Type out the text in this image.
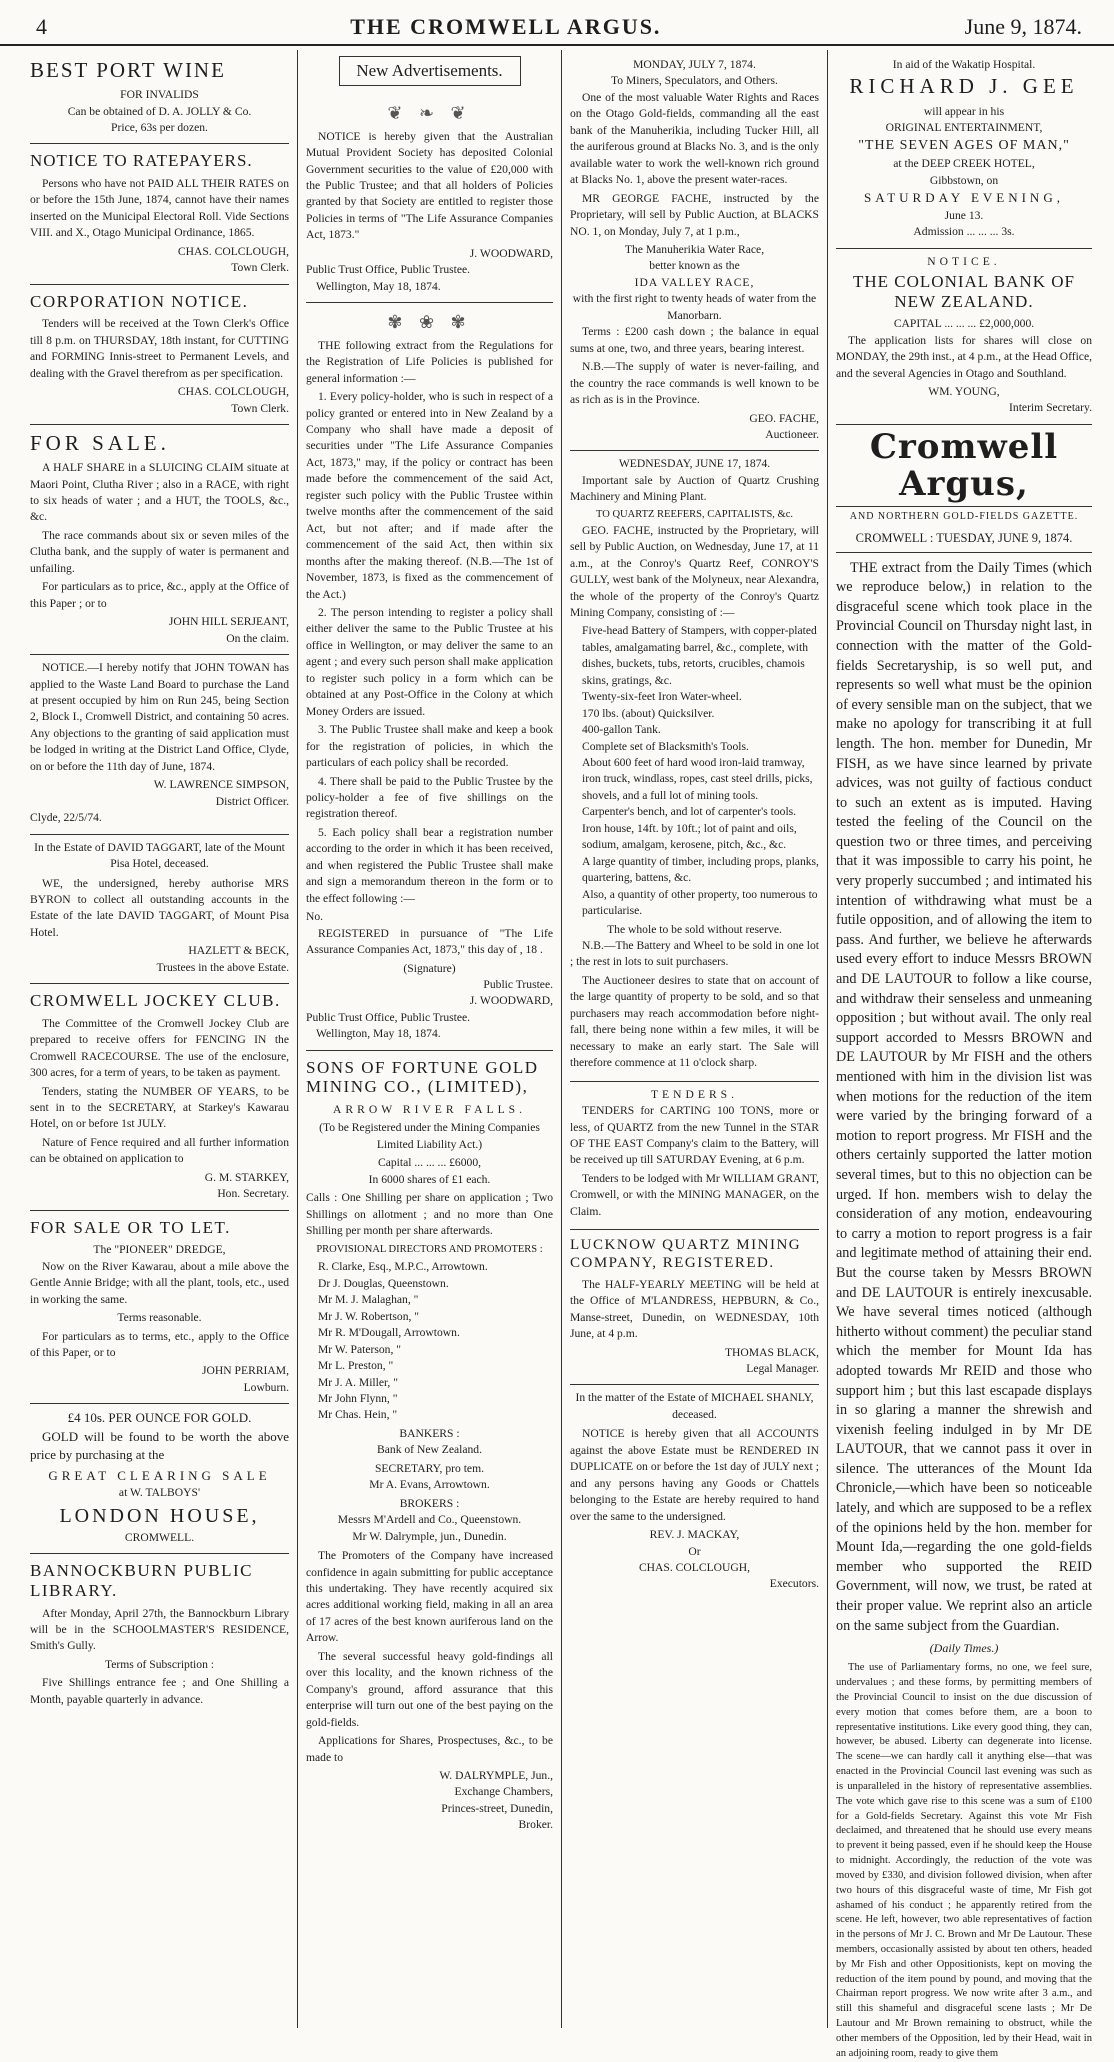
4	THE CROMWELL ARGUS.	June 9, 1874.
BEST PORT WINE
FOR INVALIDS
Can be obtained of D. A. JOLLY & Co.
Price, 63s per dozen.
NOTICE TO RATEPAYERS.

Persons who have not PAID ALL THEIR RATES on or before the 15th June, 1874, cannot have their names inserted on the Municipal Electoral Roll. Vide Sections VIII. and X., Otago Municipal Ordinance, 1865.

CHAS. COLCLOUGH,

Town Clerk.

CORPORATION NOTICE.

Tenders will be received at the Town Clerk's Office till 8 p.m. on THURSDAY, 18th instant, for CUTTING and FORMING Innis-street to Permanent Levels, and dealing with the Gravel therefrom as per specification.

CHAS. COLCLOUGH,

Town Clerk.

FOR SALE.

A HALF SHARE in a SLUICING CLAIM situate at Maori Point, Clutha River ; also in a RACE, with right to six heads of water ; and a HUT, the TOOLS, &c., &c.

The race commands about six or seven miles of the Clutha bank, and the supply of water is permanent and unfailing.

For particulars as to price, &c., apply at the Office of this Paper ; or to

JOHN HILL SERJEANT,

On the claim.

NOTICE.—I hereby notify that JOHN TOWAN has applied to the Waste Land Board to purchase the Land at present occupied by him on Run 245, being Section 2, Block I., Cromwell District, and containing 50 acres. Any objections to the granting of said application must be lodged in writing at the District Land Office, Clyde, on or before the 11th day of June, 1874.

W. LAWRENCE SIMPSON,

District Officer.

Clyde, 22/5/74.

In the Estate of DAVID TAGGART, late of the Mount Pisa Hotel, deceased.

WE, the undersigned, hereby authorise MRS BYRON to collect all outstanding accounts in the Estate of the late DAVID TAGGART, of Mount Pisa Hotel.

HAZLETT & BECK,

Trustees in the above Estate.

CROMWELL JOCKEY CLUB.

The Committee of the Cromwell Jockey Club are prepared to receive offers for FENCING IN the Cromwell RACECOURSE. The use of the enclosure, 300 acres, for a term of years, to be taken as payment.

Tenders, stating the NUMBER OF YEARS, to be sent in to the SECRETARY, at Starkey's Kawarau Hotel, on or before 1st JULY.

Nature of Fence required and all further information can be obtained on application to

G. M. STARKEY,

Hon. Secretary.

FOR SALE OR TO LET.
The "PIONEER" DREDGE,

Now on the River Kawarau, about a mile above the Gentle Annie Bridge; with all the plant, tools, etc., used in working the same.

Terms reasonable.

For particulars as to terms, etc., apply to the Office of this Paper, or to

JOHN PERRIAM,

Lowburn.

£4 10s. PER OUNCE FOR GOLD.

GOLD will be found to be worth the above price by purchasing at the

GREAT CLEARING SALE
at W. TALBOYS'
LONDON HOUSE,
CROMWELL.
BANNOCKBURN PUBLIC LIBRARY.

After Monday, April 27th, the Bannockburn Library will be in the SCHOOLMASTER'S RESIDENCE, Smith's Gully.

Terms of Subscription :

Five Shillings entrance fee ; and One Shilling a Month, payable quarterly in advance.

New Advertisements.
❦ ❧ ❦

NOTICE is hereby given that the Australian Mutual Provident Society has deposited Colonial Government securities to the value of £20,000 with the Public Trustee; and that all holders of Policies granted by that Society are entitled to register those Policies in terms of "The Life Assurance Companies Act, 1873."

J. WOODWARD,

Public Trust Office, Public Trustee.

Wellington, May 18, 1874.

✾ ❀ ✾

THE following extract from the Regulations for the Registration of Life Policies is published for general information :—

1. Every policy-holder, who is such in respect of a policy granted or entered into in New Zealand by a Company who shall have made a deposit of securities under "The Life Assurance Companies Act, 1873," may, if the policy or contract has been made before the commencement of the said Act, register such policy with the Public Trustee within twelve months after the commencement of the said Act, but not after; and if made after the commencement of the said Act, then within six months after the making thereof. (N.B.—The 1st of November, 1873, is fixed as the commencement of the Act.)

2. The person intending to register a policy shall either deliver the same to the Public Trustee at his office in Wellington, or may deliver the same to an agent ; and every such person shall make application to register such policy in a form which can be obtained at any Post-Office in the Colony at which Money Orders are issued.

3. The Public Trustee shall make and keep a book for the registration of policies, in which the particulars of each policy shall be recorded.

4. There shall be paid to the Public Trustee by the policy-holder a fee of five shillings on the registration thereof.

5. Each policy shall bear a registration number according to the order in which it has been received, and when registered the Public Trustee shall make and sign a memorandum thereon in the form or to the effect following :—

No.

REGISTERED in pursuance of "The Life Assurance Companies Act, 1873," this day of , 18 .

(Signature)

Public Trustee.

J. WOODWARD,

Public Trust Office, Public Trustee.

Wellington, May 18, 1874.

SONS OF FORTUNE GOLD MINING CO., (LIMITED),
ARROW RIVER FALLS.

(To be Registered under the Mining Companies Limited Liability Act.)

Capital ... ... ... £6000,

In 6000 shares of £1 each.

Calls : One Shilling per share on application ; Two Shillings on allotment ; and no more than One Shilling per month per share afterwards.

PROVISIONAL DIRECTORS AND PROMOTERS :

R. Clarke, Esq., M.P.C., Arrowtown.
Dr J. Douglas, Queenstown.
Mr M. J. Malaghan, "
Mr J. W. Robertson, "
Mr R. M'Dougall, Arrowtown.
Mr W. Paterson, "
Mr L. Preston, "
Mr J. A. Miller, "
Mr John Flynn, "
Mr Chas. Hein, "

BANKERS :

Bank of New Zealand.

SECRETARY, pro tem.

Mr A. Evans, Arrowtown.

BROKERS :

Messrs M'Ardell and Co., Queenstown.

Mr W. Dalrymple, jun., Dunedin.

The Promoters of the Company have increased confidence in again submitting for public acceptance this undertaking. They have recently acquired six acres additional working field, making in all an area of 17 acres of the best known auriferous land on the Arrow.

The several successful heavy gold-findings all over this locality, and the known richness of the Company's ground, afford assurance that this enterprise will turn out one of the best paying on the gold-fields.

Applications for Shares, Prospectuses, &c., to be made to

W. DALRYMPLE, Jun.,

Exchange Chambers,

Princes-street, Dunedin,

Broker.

MONDAY, JULY 7, 1874.
To Miners, Speculators, and Others.

One of the most valuable Water Rights and Races on the Otago Gold-fields, commanding all the east bank of the Manuherikia, including Tucker Hill, all the auriferous ground at Blacks No. 3, and is the only available water to work the well-known rich ground at Blacks No. 1, above the present water-races.

MR GEORGE FACHE, instructed by the Proprietary, will sell by Public Auction, at BLACKS NO. 1, on Monday, July 7, at 1 p.m.,

The Manuherikia Water Race,
better known as the
IDA VALLEY RACE,
with the first right to twenty heads of water from the Manorbarn.

Terms : £200 cash down ; the balance in equal sums at one, two, and three years, bearing interest.

N.B.—The supply of water is never-failing, and the country the race commands is well known to be as rich as is in the Province.

GEO. FACHE,

Auctioneer.

WEDNESDAY, JUNE 17, 1874.

Important sale by Auction of Quartz Crushing Machinery and Mining Plant.

TO QUARTZ REEFERS, CAPITALISTS, &c.

GEO. FACHE, instructed by the Proprietary, will sell by Public Auction, on Wednesday, June 17, at 11 a.m., at the Conroy's Quartz Reef, CONROY'S GULLY, west bank of the Molyneux, near Alexandra, the whole of the property of the Conroy's Quartz Mining Company, consisting of :—

Five-head Battery of Stampers, with copper-plated tables, amalgamating barrel, &c., complete, with dishes, buckets, tubs, retorts, crucibles, chamois skins, gratings, &c.
Twenty-six-feet Iron Water-wheel.
170 lbs. (about) Quicksilver.
400-gallon Tank.
Complete set of Blacksmith's Tools.
About 600 feet of hard wood iron-laid tramway, iron truck, windlass, ropes, cast steel drills, picks, shovels, and a full lot of mining tools.
Carpenter's bench, and lot of carpenter's tools.
Iron house, 14ft. by 10ft.; lot of paint and oils, sodium, amalgam, kerosene, pitch, &c., &c.
A large quantity of timber, including props, planks, quartering, battens, &c.
Also, a quantity of other property, too numerous to particularise.
The whole to be sold without reserve.

N.B.—The Battery and Wheel to be sold in one lot ; the rest in lots to suit purchasers.

The Auctioneer desires to state that on account of the large quantity of property to be sold, and so that purchasers may reach accommodation before night-fall, there being none within a few miles, it will be necessary to make an early start. The Sale will therefore commence at 11 o'clock sharp.

TENDERS.

TENDERS for CARTING 100 TONS, more or less, of QUARTZ from the new Tunnel in the STAR OF THE EAST Company's claim to the Battery, will be received up till SATURDAY Evening, at 6 p.m.

Tenders to be lodged with Mr WILLIAM GRANT, Cromwell, or with the MINING MANAGER, on the Claim.

LUCKNOW QUARTZ MINING COMPANY, REGISTERED.

The HALF-YEARLY MEETING will be held at the Office of M'LANDRESS, HEPBURN, & Co., Manse-street, Dunedin, on WEDNESDAY, 10th June, at 4 p.m.

THOMAS BLACK,

Legal Manager.

In the matter of the Estate of MICHAEL SHANLY, deceased.

NOTICE is hereby given that all ACCOUNTS against the above Estate must be RENDERED IN DUPLICATE on or before the 1st day of JULY next ; and any persons having any Goods or Chattels belonging to the Estate are hereby required to hand over the same to the undersigned.

REV. J. MACKAY,

Or

CHAS. COLCLOUGH,

Executors.

In aid of the Wakatip Hospital.
RICHARD J. GEE
will appear in his
ORIGINAL ENTERTAINMENT,
"THE SEVEN AGES OF MAN,"
at the DEEP CREEK HOTEL,
Gibbstown, on
SATURDAY EVENING,
June 13.
Admission ... ... ... 3s.
NOTICE.
THE COLONIAL BANK OF NEW ZEALAND.
CAPITAL ... ... ... £2,000,000.

The application lists for shares will close on MONDAY, the 29th inst., at 4 p.m., at the Head Office, and the several Agencies in Otago and Southland.

WM. YOUNG,

Interim Secretary.

Cromwell Argus,
AND NORTHERN GOLD-FIELDS GAZETTE.
CROMWELL : TUESDAY, JUNE 9, 1874.

THE extract from the Daily Times (which we reproduce below,) in relation to the disgraceful scene which took place in the Provincial Council on Thursday night last, in connection with the matter of the Gold-fields Secretaryship, is so well put, and represents so well what must be the opinion of every sensible man on the subject, that we make no apology for transcribing it at full length. The hon. member for Dunedin, Mr FISH, as we have since learned by private advices, was not guilty of factious conduct to such an extent as is imputed. Having tested the feeling of the Council on the question two or three times, and perceiving that it was impossible to carry his point, he very properly succumbed ; and intimated his intention of withdrawing what must be a futile opposition, and of allowing the item to pass. And further, we believe he afterwards used every effort to induce Messrs BROWN and DE LAUTOUR to follow a like course, and withdraw their senseless and unmeaning opposition ; but without avail. The only real support accorded to Messrs BROWN and DE LAUTOUR by Mr FISH and the others mentioned with him in the division list was when motions for the reduction of the item were varied by the bringing forward of a motion to report progress. Mr FISH and the others certainly supported the latter motion several times, but to this no objection can be urged. If hon. members wish to delay the consideration of any motion, endeavouring to carry a motion to report progress is a fair and legitimate method of attaining their end. But the course taken by Messrs BROWN and DE LAUTOUR is entirely inexcusable. We have several times noticed (although hitherto without comment) the peculiar stand which the member for Mount Ida has adopted towards Mr REID and those who support him ; but this last escapade displays in so glaring a manner the shrewish and vixenish feeling indulged in by Mr DE LAUTOUR, that we cannot pass it over in silence. The utterances of the Mount Ida Chronicle,—which have been so noticeable lately, and which are supposed to be a reflex of the opinions held by the hon. member for Mount Ida,—regarding the one gold-fields member who supported the REID Government, will now, we trust, be rated at their proper value. We reprint also an article on the same subject from the Guardian.

(Daily Times.)

The use of Parliamentary forms, no one, we feel sure, undervalues ; and these forms, by permitting members of the Provincial Council to insist on the due discussion of every motion that comes before them, are a boon to representative institutions. Like every good thing, they can, however, be abused. Liberty can degenerate into license. The scene—we can hardly call it anything else—that was enacted in the Provincial Council last evening was such as is unparalleled in the history of representative assemblies. The vote which gave rise to this scene was a sum of £100 for a Gold-fields Secretary. Against this vote Mr Fish declaimed, and threatened that he should use every means to prevent it being passed, even if he should keep the House to midnight. Accordingly, the reduction of the vote was moved by £330, and division followed division, when after two hours of this disgraceful waste of time, Mr Fish got ashamed of his conduct ; he apparently retired from the scene. He left, however, two able representatives of faction in the persons of Mr J. C. Brown and Mr De Lautour. These members, occasionally assisted by about ten others, headed by Mr Fish and other Oppositionists, kept on moving the reduction of the item pound by pound, and moving that the Chairman report progress. We now write after 3 a.m., and still this shameful and disgraceful scene lasts ; Mr De Lautour and Mr Brown remaining to obstruct, while the other members of the Opposition, led by their Head, wait in an adjoining room, ready to give them
